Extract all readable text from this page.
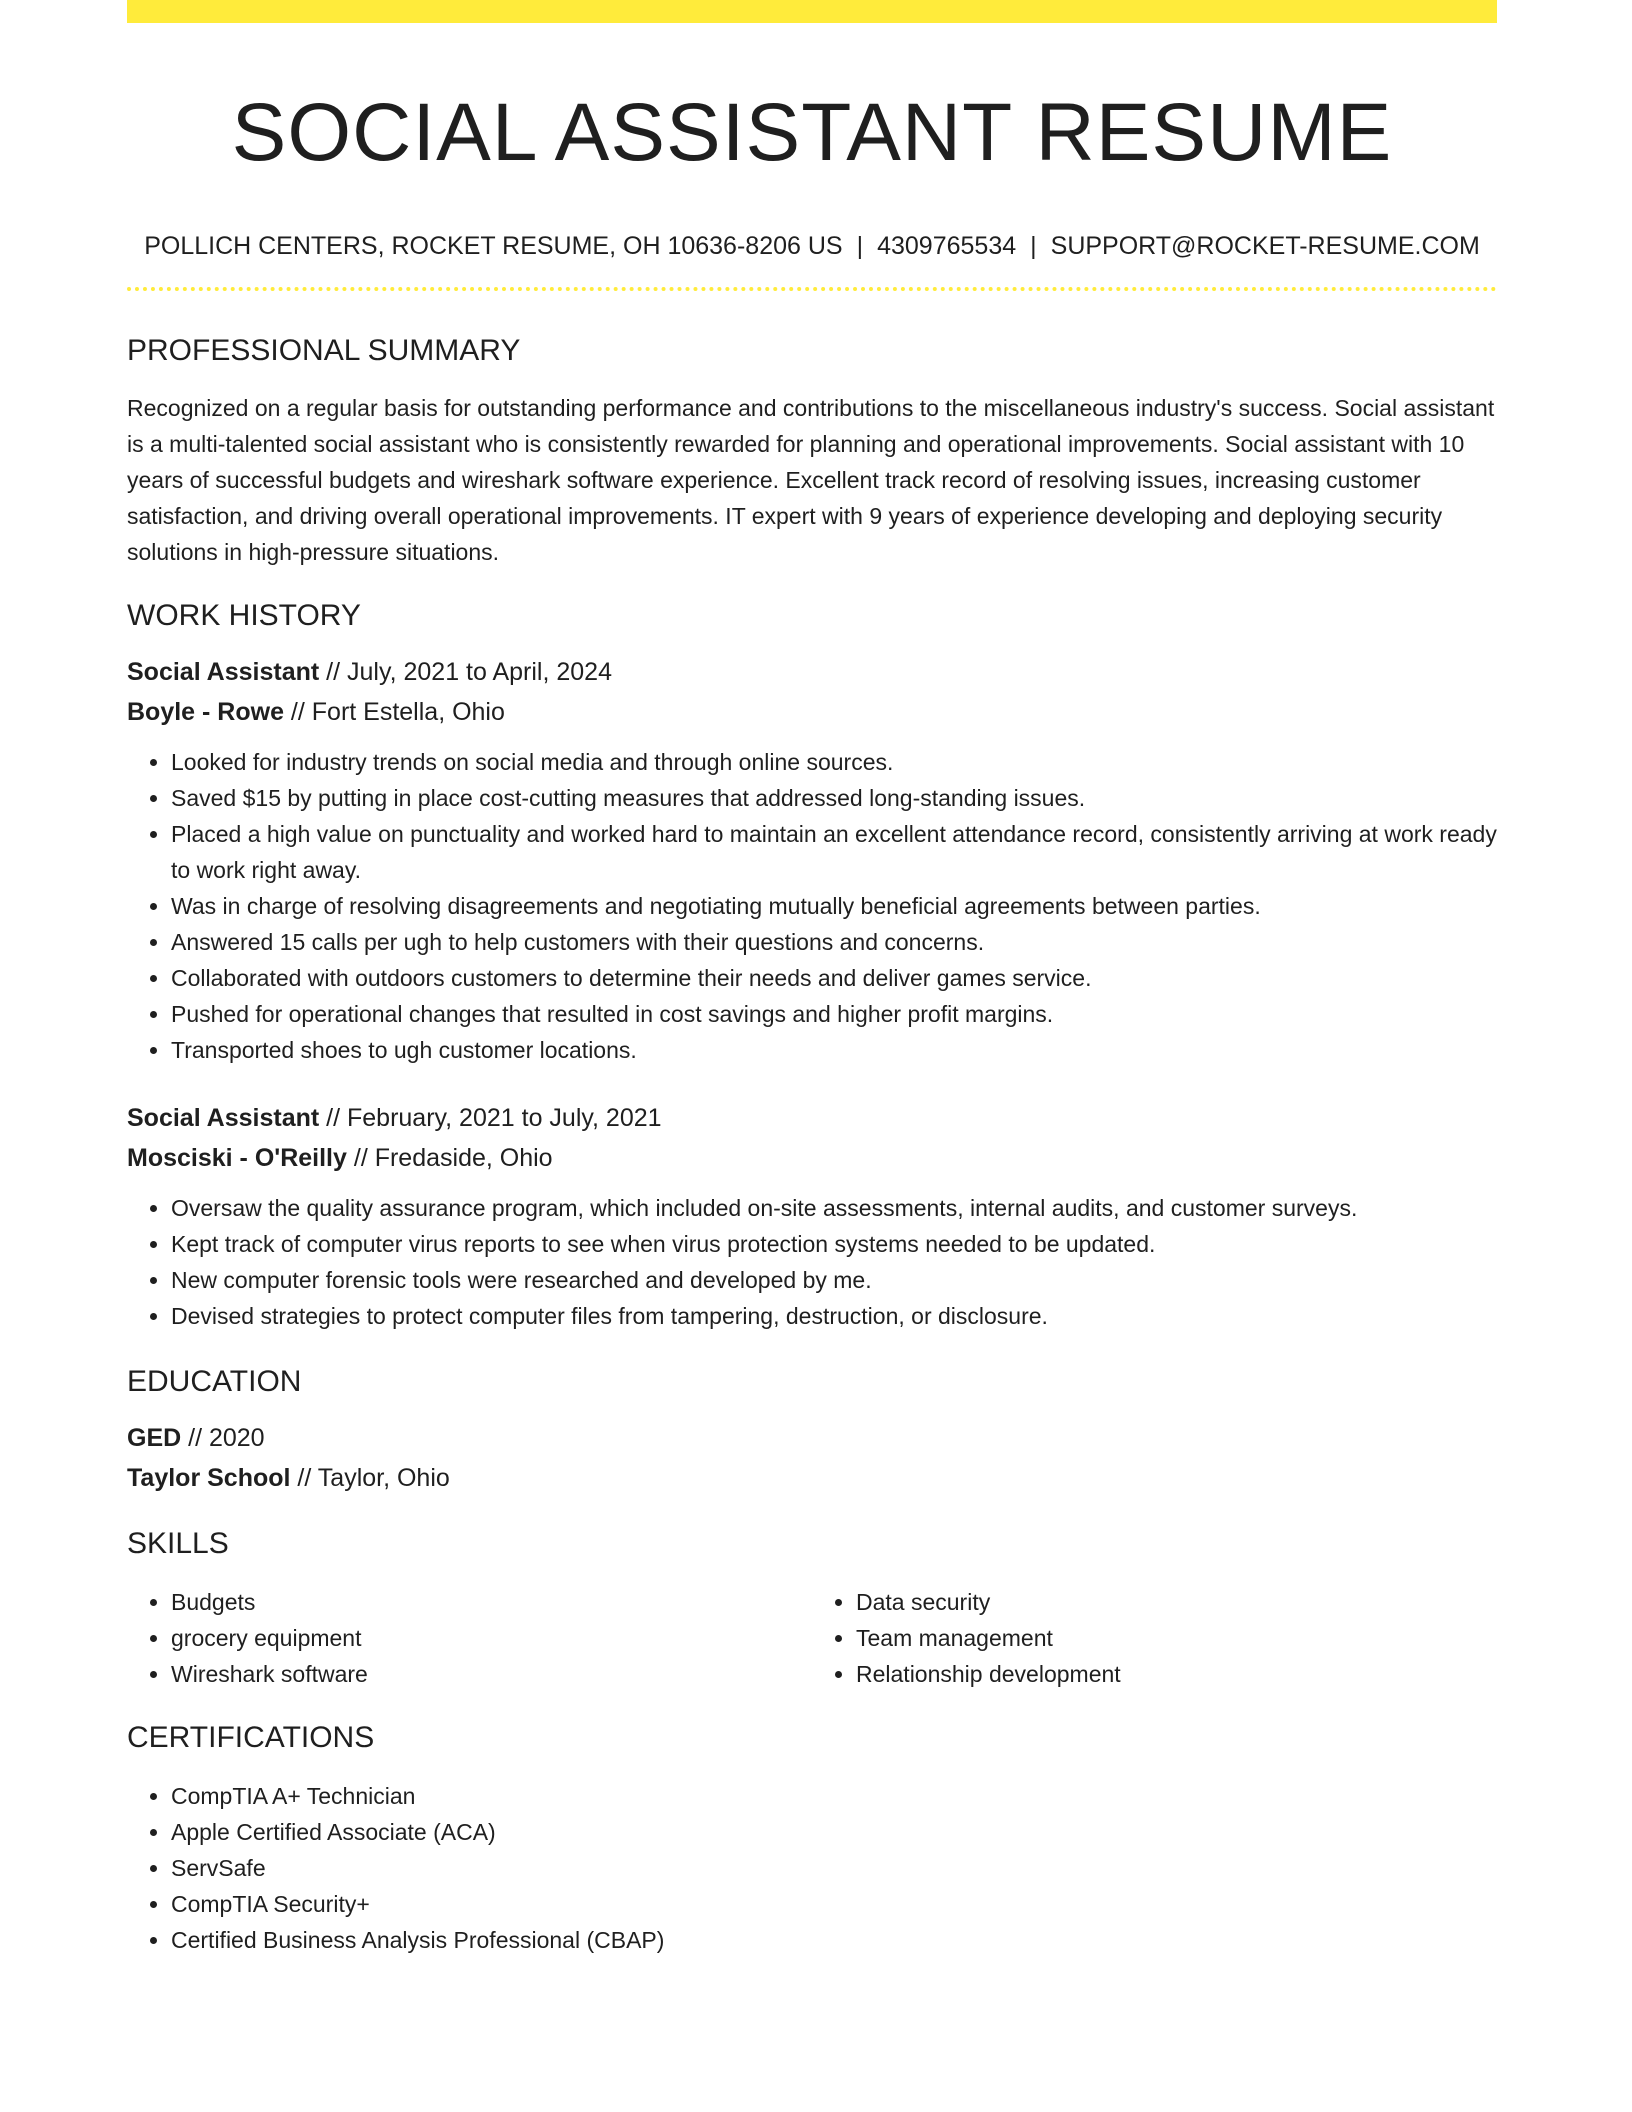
SOCIAL ASSISTANT RESUME
POLLICH CENTERS, ROCKET RESUME, OH 10636-8206 US | 4309765534 | SUPPORT@ROCKET-RESUME.COM
PROFESSIONAL SUMMARY

Recognized on a regular basis for outstanding performance and contributions to the miscellaneous industry's success. Social assistant is a multi-talented social assistant who is consistently rewarded for planning and operational improvements. Social assistant with 10 years of successful budgets and wireshark software experience. Excellent track record of resolving issues, increasing customer satisfaction, and driving overall operational improvements. IT expert with 9 years of experience developing and deploying security solutions in high-pressure situations.

WORK HISTORY

Social Assistant // July, 2021 to April, 2024

Boyle - Rowe // Fort Estella, Ohio

• Looked for industry trends on social media and through online sources.
• Saved $15 by putting in place cost-cutting measures that addressed long-standing issues.
• Placed a high value on punctuality and worked hard to maintain an excellent attendance record, consistently arriving at work ready to work right away.
• Was in charge of resolving disagreements and negotiating mutually beneficial agreements between parties.
• Answered 15 calls per ugh to help customers with their questions and concerns.
• Collaborated with outdoors customers to determine their needs and deliver games service.
• Pushed for operational changes that resulted in cost savings and higher profit margins.
• Transported shoes to ugh customer locations.

Social Assistant // February, 2021 to July, 2021

Mosciski - O'Reilly // Fredaside, Ohio

• Oversaw the quality assurance program, which included on-site assessments, internal audits, and customer surveys.
• Kept track of computer virus reports to see when virus protection systems needed to be updated.
• New computer forensic tools were researched and developed by me.
• Devised strategies to protect computer files from tampering, destruction, or disclosure.
EDUCATION

GED // 2020

Taylor School // Taylor, Ohio

SKILLS
• Budgets
• grocery equipment
• Wireshark software
• Data security
• Team management
• Relationship development
CERTIFICATIONS
• CompTIA A+ Technician
• Apple Certified Associate (ACA)
• ServSafe
• CompTIA Security+
• Certified Business Analysis Professional (CBAP)
